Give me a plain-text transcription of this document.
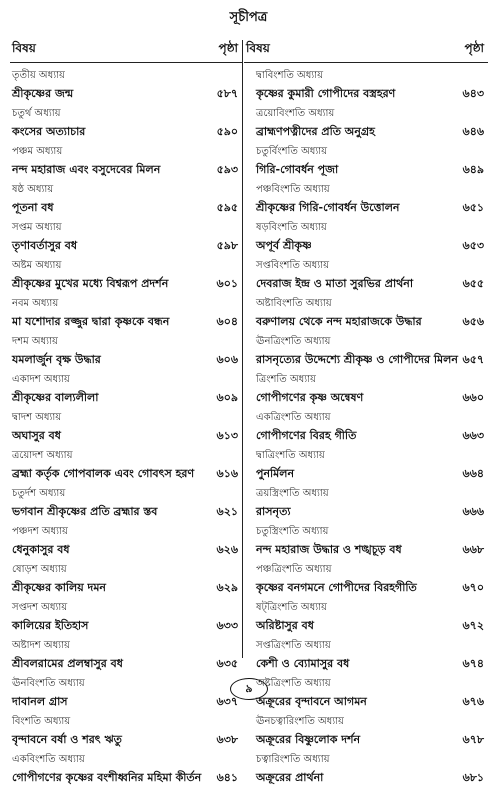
সূচীপত্র
বিষয়	পৃষ্ঠা
তৃতীয় অধ্যায়
শ্রীকৃষ্ণের জন্ম	৫৮৭
চতুর্থ অধ্যায়
কংসের অত্যাচার	৫৯০
পঞ্চম অধ্যায়
নন্দ মহারাজ এবং বসুদেবের মিলন	৫৯৩
ষষ্ঠ অধ্যায়
পূতনা বধ	৫৯৫
সপ্তম অধ্যায়
তৃণাবর্তাসুর বধ	৫৯৮
অষ্টম অধ্যায়
শ্রীকৃষ্ণের মুখের মধ্যে বিশ্বরূপ প্রদর্শন	৬০১
নবম অধ্যায়
মা যশোদার রজ্জুর দ্বারা কৃষ্ণকে বন্ধন	৬০৪
দশম অধ্যায়
যমলার্জুন বৃক্ষ উদ্ধার	৬০৬
একাদশ অধ্যায়
শ্রীকৃষ্ণের বাল্যলীলা	৬০৯
দ্বাদশ অধ্যায়
অঘাসুর বধ	৬১৩
ত্রয়োদশ অধ্যায়
ব্রহ্মা কর্তৃক গোপবালক এবং গোবৎস হরণ	৬১৬
চতুর্দশ অধ্যায়
ভগবান শ্রীকৃষ্ণের প্রতি ব্রহ্মার স্তব	৬২১
পঞ্চদশ অধ্যায়
ধেনুকাসুর বধ	৬২৬
ষোড়শ অধ্যায়
শ্রীকৃষ্ণের কালিয় দমন	৬২৯
সপ্তদশ অধ্যায়
কালিয়ের ইতিহাস	৬৩৩
অষ্টাদশ অধ্যায়
শ্রীবলরামের প্রলম্বাসুর বধ	৬৩৫
ঊনবিংশতি অধ্যায়
দাবানল গ্রাস	৬৩৭
বিংশতি অধ্যায়
বৃন্দাবনে বর্ষা ও শরৎ ঋতু	৬৩৮
একবিংশতি অধ্যায়
গোপীগণের কৃষ্ণের বংশীধ্বনির মহিমা কীর্তন	৬৪১
বিষয়	পৃষ্ঠা
দ্বাবিংশতি অধ্যায়
কৃষ্ণের কুমারী গোপীদের বস্ত্রহরণ	৬৪৩
ত্রয়োবিংশতি অধ্যায়
ব্রাহ্মণপত্নীদের প্রতি অনুগ্রহ	৬৪৬
চতুর্বিংশতি অধ্যায়
গিরি-গোবর্ধন পূজা	৬৪৯
পঞ্চবিংশতি অধ্যায়
শ্রীকৃষ্ণের গিরি-গোবর্ধন উত্তোলন	৬৫১
ষড়বিংশতি অধ্যায়
অপূর্ব শ্রীকৃষ্ণ	৬৫৩
সপ্তবিংশতি অধ্যায়
দেবরাজ ইন্দ্র ও মাতা সুরভির প্রার্থনা	৬৫৫
অষ্টাবিংশতি অধ্যায়
বরুণালয় থেকে নন্দ মহারাজকে উদ্ধার	৬৫৬
ঊনত্রিংশতি অধ্যায়
রাসনৃত্যের উদ্দেশ্যে শ্রীকৃষ্ণ ও গোপীদের মিলন ৬৫৭
ত্রিংশতি অধ্যায়
গোপীগণের কৃষ্ণ অন্বেষণ	৬৬০
একত্রিংশতি অধ্যায়
গোপীগণের বিরহ গীতি	৬৬৩
দ্বাত্রিংশতি অধ্যায়
পুনর্মিলন	৬৬৪
ত্রয়স্ত্রিংশতি অধ্যায়
রাসনৃত্য	৬৬৬
চতুস্ত্রিংশতি অধ্যায়
নন্দ মহারাজ উদ্ধার ও শঙ্খচূড় বধ	৬৬৮
পঞ্চত্রিংশতি অধ্যায়
কৃষ্ণের বনগমনে গোপীদের বিরহগীতি	৬৭০
ষট্‌ত্রিংশতি অধ্যায়
অরিষ্টাসুর বধ	৬৭২
সপ্তত্রিংশতি অধ্যায়
কেশী ও ব্যোমাসুর বধ	৬৭৪
অষ্টত্রিংশতি অধ্যায়
অক্রূরের বৃন্দাবনে আগমন	৬৭৬
ঊনচত্বারিংশতি অধ্যায়
অক্রূরের বিষ্ণুলোক দর্শন	৬৭৮
চত্বারিংশতি অধ্যায়
অক্রূরের প্রার্থনা	৬৮১
৯
